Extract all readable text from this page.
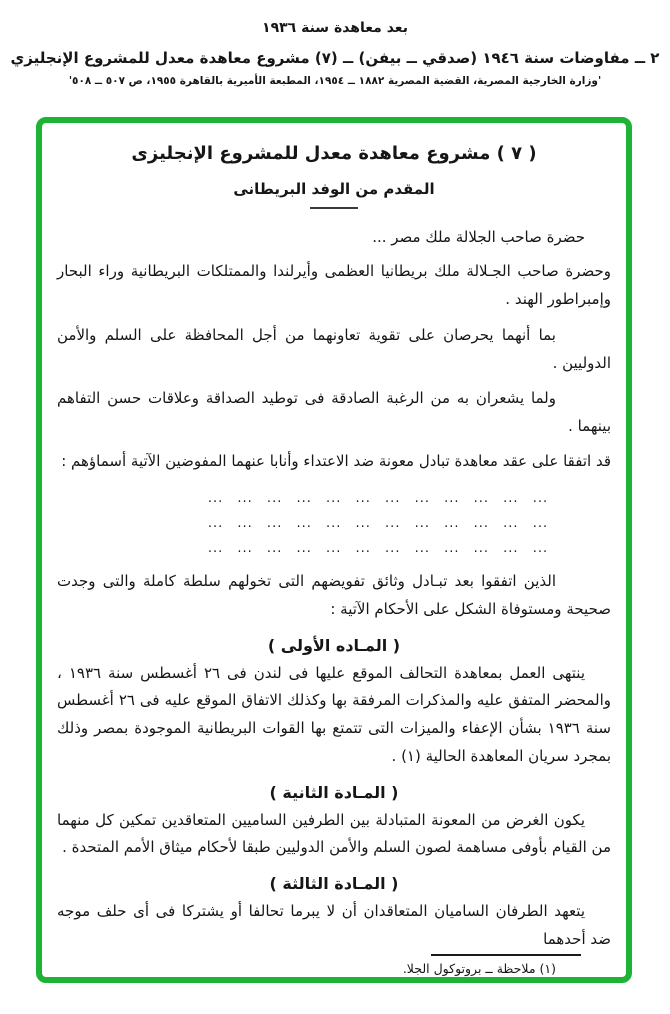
بعد معاهدة سنة ١٩٣٦
٢ ــ مفاوضات سنة ١٩٤٦ (صدقي ــ بيفن) ــ (٧) مشروع معاهدة معدل للمشروع الإنجليزي
'وزارة الخارجية المصرية، القضية المصرية ١٨٨٢ ــ ١٩٥٤، المطبعة الأميرية بالقاهرة ١٩٥٥، ص ٥٠٧ ــ ٥٠٨'
( ٧ ) مشروع معاهدة معدل للمشروع الإنجليزى
المقدم من الوفد البريطانى

حضرة صاحب الجلالة ملك مصر ...

وحضرة صاحب الجـلالة ملك بريطانيا العظمى وأيرلندا والممتلكات البريطانية وراء البحار وإمبراطور الهند .

بما أنهما يحرصان على تقوية تعاونهما من أجل المحافظة على السلم والأمن الدوليين .

ولما يشعران به من الرغبة الصادقة فى توطيد الصداقة وعلاقات حسن التفاهم بينهما .

قد اتفقا على عقد معاهدة تبادل معونة ضد الاعتداء وأنابا عنهما المفوضين الآتية أسماؤهم :

... ... ... ... ... ... ... ... ... ... ... ...
... ... ... ... ... ... ... ... ... ... ... ...
... ... ... ... ... ... ... ... ... ... ... ...

الذين اتفقوا بعد تبـادل وثائق تفويضهم التى تخولهم سلطة كاملة والتى وجدت صحيحة ومستوفاة الشكل على الأحكام الآتية :

( المـاده الأولى )

ينتهى العمل بمعاهدة التحالف الموقع عليها فى لندن فى ٢٦ أغسطس سنة ١٩٣٦ ، والمحضر المتفق عليه والمذكرات المرفقة بها وكذلك الاتفاق الموقع عليه فى ٢٦ أغسطس سنة ١٩٣٦ بشأن الإعفاء والميزات التى تتمتع بها القوات البريطانية الموجودة بمصر وذلك بمجرد سريان المعاهدة الحالية (١) .

( المـادة الثانية )

يكون الغرض من المعونة المتبادلة بين الطرفين الساميين المتعاقدين تمكين كل منهما من القيام بأوفى مساهمة لصون السلم والأمن الدوليين طبقا لأحكام ميثاق الأمم المتحدة .

( المـادة الثالثة )

يتعهد الطرفان الساميان المتعاقدان أن لا يبرما تحالفا أو يشتركا فى أى حلف موجه ضد أحدهما

(١) ملاحظة ــ بروتوكول الجلا.
